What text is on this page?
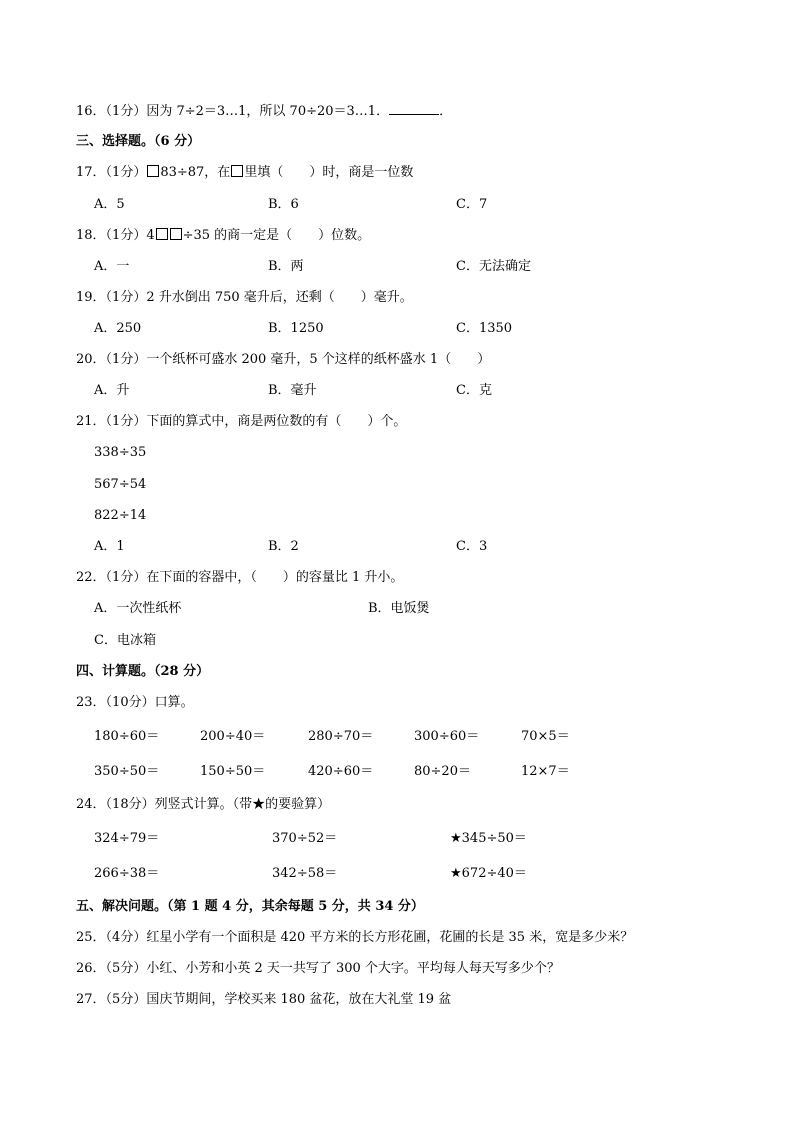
16．（1分）因为 7÷2＝3…1，所以 70÷20＝3…1．	．
三、选择题。（6 分）
17．（1分） 83÷87，在 里填（　　）时，商是一位数
A．5	B．6	C．7
18．（1分）4 ÷35 的商一定是（　　）位数。
A．一	B．两	C．无法确定
19．（1分）2 升水倒出 750 毫升后，还剩（　　）毫升。
A．250	B．1250	C．1350
20．（1分）一个纸杯可盛水 200 毫升，5 个这样的纸杯盛水 1（　　）
A．升	B．毫升	C．克
21．（1分）下面的算式中，商是两位数的有（　　）个。
338÷35
567÷54
822÷14
A．1	B．2	C．3
22．（1分）在下面的容器中，（　　）的容量比 1 升小。
A．一次性纸杯	B．电饭煲
C．电冰箱
四、计算题。（28 分）
23．（10分）口算。
180÷60＝	200÷40＝	280÷70＝	300÷60＝	70×5＝
350÷50＝	150÷50＝	420÷60＝	80÷20＝	12×7＝
24．（18分）列竖式计算。（带★的要验算）
324÷79＝	370÷52＝	★345÷50＝
266÷38＝	342÷58＝	★672÷40＝
五、解决问题。（第 1 题 4 分，其余每题 5 分，共 34 分）
25．（4分）红星小学有一个面积是 420 平方米的长方形花圃，花圃的长是 35 米，宽是多少米？
26．（5分）小红、小芳和小英 2 天一共写了 300 个大字。平均每人每天写多少个？
27．（5分）国庆节期间，学校买来 180 盆花，放在大礼堂 19 盆
